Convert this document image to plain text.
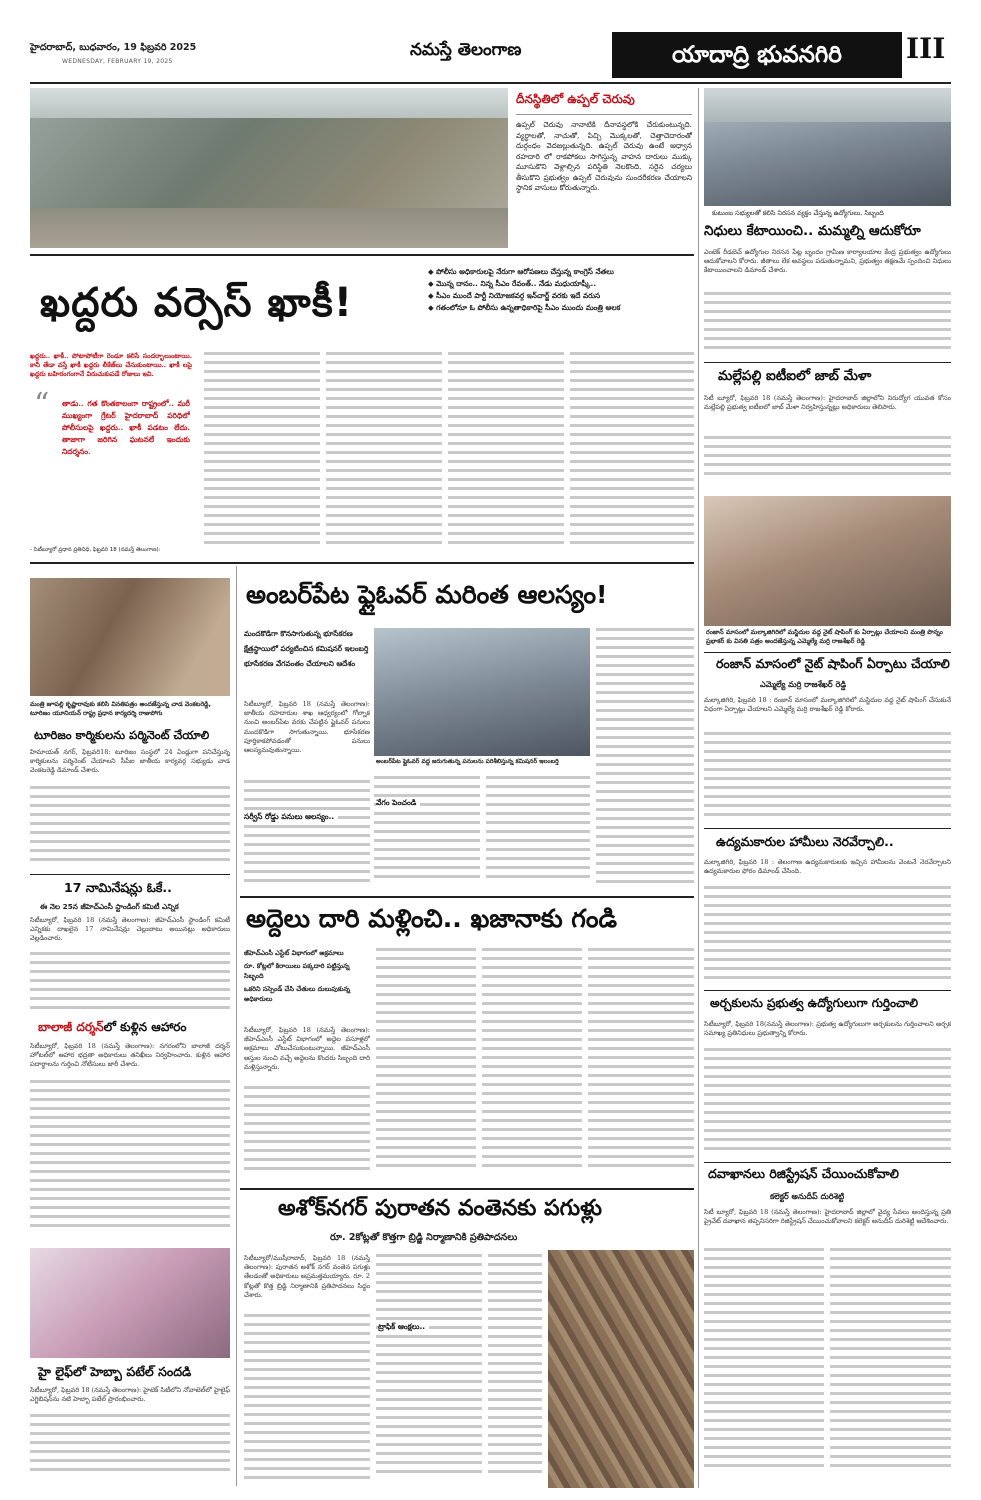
హైదరాబాద్, బుధవారం, 19 ఫిబ్రవరి 2025
WEDNESDAY, FEBRUARY 19, 2025
నమస్తే తెలంగాణ	యాదాద్రి భువనగిరి	III
దీనస్థితిలో ఉప్పల్ చెరువు
ఉప్పల్ చెరువు నానాటికి దీనావస్థలోకి చేరుకుంటున్నది. వ్యర్థాలతో, నాచుతో, పిచ్చి మొక్కలతో, చెత్తాచెదారంతో దుర్గంధం వెదజల్లుతున్నది. ఉప్పల్ చెరువు ఉంటే అధ్వాన రహదారి లో రాకపోకలు సాగిస్తున్న వాహన దారులు ముక్కు మూసుకొని వెళ్లాల్సిన పరిస్థితి నెలకొంది. సరైన చర్యలు తీసుకొని ప్రభుత్వం ఉప్పల్ చెరువును సుందరీకరణ చేయాలని స్థానిక వాసులు కోరుతున్నారు.
కుటుంబ సభ్యులతో కలిసి నిరసన వ్యక్తం చేస్తున్న ఉద్యోగులు, సిబ్బంది
నిధులు కేటాయించి.. మమ్మల్ని ఆదుకోరూ
ఎంటెక్ రీడబెచ్ ఉద్యోగుల నిరసన పేట్ల బృందం గ్రామీణ కార్యాలయాల కేంద్ర ప్రభుత్వం ఉద్యోగులు ఆదుకోవాలని కోరారు. జీతాలు లేక అవస్థలు పడుతున్నామని, ప్రభుత్వం తక్షణమే స్పందించి నిధులు కేటాయించాలని డిమాండ్ చేశారు.
ఖద్దరు వర్సెస్ ఖాకీ!
◆ పోలీసు అధికారులపై నేరుగా ఆరోపణలు చేస్తున్న కాంగ్రెస్ నేతలు
◆ మొన్న దానం.. నిన్న సీఎం రేవంత్.. నేడు మధుయాష్కీ..
◆ సీఎం ముందే పార్టీ నియోజకవర్గ ఇన్‌చార్జ్ వరకు ఇదే వరుస
◆ గతంలోనూ ఓ పోలీసు ఉన్నతాధికారిపై సీఎం ముందు మంత్రి అలక
ఖద్దరు.. ఖాకీ.. పోటాపోటీగా రెండూ కలిసే సందర్భాలుంటాయి. కానీ తేడా వస్తే ఖాకీ ఖద్దరు లీకేజ్‌లు చేసుకుంటాయి.. ఖాకీ లపై ఖద్దరు బహిరంగంగానే విరుచుకుపడే రోజులు ఇవి.
“ తాడు.. గత కొంతకాలంగా రాష్ట్రంలో.. మరీ ముఖ్యంగా గ్రేటర్ హైదరాబాద్ పరిధిలో పోలీసులపై ఖద్దరు.. ఖాకీ పడటం లేదు. తాజాగా జరిగిన ఘటనలే ఇందుకు నిదర్శనం.
- సిటీబ్యూరో ప్రధాన ప్రతినిధి, ఫిబ్రవరి 18 (నమస్తే తెలంగాణ):
మల్లేపల్లి ఐటీఐలో జాబ్ మేళా
సిటీ బ్యూరో, ఫిబ్రవరి 18 (నమస్తే తెలంగాణ): హైదరాబాద్ జిల్లాలోని నిరుద్యోగ యువత కోసం మల్లేపల్లి ప్రభుత్వ ఐటీఐలో జాబ్ మేళా నిర్వహిస్తున్నట్లు అధికారులు తెలిపారు.
రంజాన్ మాసంలో మల్కాజిగిరిలో మస్జిదుల వద్ద నైట్ షాపింగ్‌ కు ఏర్పాట్లు చేయాలని మంత్రి పొన్నం ప్రభాకర్‌ కు వినతి పత్రం అందజేస్తున్న ఎమ్మెల్యే మర్రి రాజశేఖర్ రెడ్డి
రంజాన్ మాసంలో నైట్ షాపింగ్ ఏర్పాటు చేయాలి
ఎమ్మెల్యే మర్రి రాజశేఖర్ రెడ్డి
మల్కాజిగిరి, ఫిబ్రవరి 18 : రంజాన్ మాసంలో మల్కాజిగిరిలో మస్జిదుల వద్ద నైట్ షాపింగ్ చేసుకునే విధంగా ఏర్పాట్లు చేయాలని ఎమ్మెల్యే మర్రి రాజశేఖర్ రెడ్డి కోరారు.
ఉద్యమకారుల హామీలు నెరవేర్చాలి..
మల్కాజిగిరి, ఫిబ్రవరి 18 : తెలంగాణ ఉద్యమకారులకు ఇచ్చిన హామీలను వెంటనే నెరవేర్చాలని ఉద్యమకారుల ఫోరం డిమాండ్ చేసింది.
అర్చకులను ప్రభుత్వ ఉద్యోగులుగా గుర్తించాలి
సిటీబ్యూరో, ఫిబ్రవరి 18(నమస్తే తెలంగాణ): ప్రభుత్వ ఉద్యోగులుగా అర్చకులను గుర్తించాలని అర్చక సమాఖ్య ప్రతినిధులు ప్రభుత్వాన్ని కోరారు.
దవాఖానలు రిజిస్ట్రేషన్ చేయించుకోవాలి
కలెక్టర్ అనుదీప్ దురిశెట్టి
సిటీ బ్యూరో, ఫిబ్రవరి 18 (నమస్తే తెలంగాణ): హైదరాబాద్ జిల్లాలో వైద్య సేవలు అందిస్తున్న ప్రతి ప్రైవేట్ దవాఖాన తప్పనిసరిగా రిజిస్ట్రేషన్ చేయించుకోవాలని కలెక్టర్ అనుదీప్ దురిశెట్టి ఆదేశించారు.
మంత్రి జూపల్లి కృష్ణారావుకు కలిసి వినతిపత్రం అందజేస్తున్న చాడ వెంకటరెడ్డి, టూరిజం యూనియన్ రాష్ట్ర ప్రధాన కార్యదర్శి రాజుపోగు
టూరిజం కార్మికులను పర్మినెంట్ చేయాలి
హిమాయత్ నగర్, ఫిబ్రవరి18: టూరిజం సంస్థలో 24 ఏండ్లుగా పనిచేస్తున్న కార్మికులను పర్మినెంట్ చేయాలని సీపీఐ జాతీయ కార్యవర్గ సభ్యుడు చాడ వెంకటరెడ్డి డిమాండ్ చేశారు.
17 నామినేషన్లు ఓకే..
ఈ నెల 25న జీహెచ్‌ఎంసీ స్టాండింగ్ కమిటీ ఎన్నిక
సిటీబ్యూరో, ఫిబ్రవరి 18 (నమస్తే తెలంగాణ): జీహెచ్‌ఎంసీ స్టాండింగ్ కమిటీ ఎన్నికకు దాఖలైన 17 నామినేషన్లు చెల్లుబాటు అయినట్లు అధికారులు వెల్లడించారు.
బాలాజీ దర్శన్‌లో కుళ్లిన ఆహారం
సిటీబ్యూరో, ఫిబ్రవరి 18 (నమస్తే తెలంగాణ): నగరంలోని బాలాజీ దర్శన్ హోటల్‌లో ఆహార భద్రతా అధికారులు తనిఖీలు నిర్వహించారు. కుళ్లిన ఆహార పదార్థాలను గుర్తించి నోటీసులు జారీ చేశారు.
హై లైఫ్‌లో హెబ్బా పటేల్ సందడి
సిటీబ్యూరో, ఫిబ్రవరి 18 (నమస్తే తెలంగాణ): హైటెక్ సిటీలోని నోవాటెల్‌లో హైలైఫ్ ఎగ్జిబిషన్‌ను నటి హెబ్బా పటేల్ ప్రారంభించారు.
అంబర్‌పేట ఫ్లైఓవర్ మరింత ఆలస్యం!
మందకొడిగా కొనసాగుతున్న భూసేకరణ
క్షేత్రస్థాయిలో పర్యటించిన కమిషనర్ ఇలంబర్తి
భూసేకరణ వేగవంతం చేయాలని ఆదేశం
అంబర్‌పేట ఫ్లైఓవర్ వద్ద జరుగుతున్న పనులను పరిశీలిస్తున్న కమిషనర్ ఇలంబర్తి
సిటీబ్యూరో, ఫిబ్రవరి 18 (నమస్తే తెలంగాణ): జాతీయ రహదారుల శాఖ ఆధ్వర్యంలో గోల్నాక నుంచి అంబర్‌పేట వరకు చేపట్టిన ఫ్లైఓవర్ పనులు మందకొడిగా సాగుతున్నాయి. భూసేకరణ పూర్తికాకపోవడంతో పనులు ఆలస్యమవుతున్నాయి.
సర్వీస్ రోడ్డు పనులు ఆలస్యం..
వేగం పెంచండి
అద్దెలు దారి మళ్లించి.. ఖజానాకు గండి
జీహెచ్‌ఎంసీ ఎస్టేట్ విభాగంలో అక్రమాలు
రూ. కోట్లలో కిరాయిలు పక్కదారి పట్టిస్తున్న సిబ్బంది
ఒకరిని సస్పెండ్ చేసి చేతులు దులుపుకున్న అధికారులు
సిటీబ్యూరో, ఫిబ్రవరి 18 (నమస్తే తెలంగాణ): జీహెచ్‌ఎంసీ ఎస్టేట్ విభాగంలో అద్దెల వసూళ్లలో అక్రమాలు చోటుచేసుకుంటున్నాయి. జీహెచ్‌ఎంసీ ఆస్తుల నుంచి వచ్చే అద్దెలను కొందరు సిబ్బంది దారి మళ్లిస్తున్నారు.
అశోక్‌నగర్ పురాతన వంతెనకు పగుళ్లు
రూ. 2కోట్లతో కొత్తగా బ్రిడ్జి నిర్మాణానికి ప్రతిపాదనలు
సిటీబ్యూరో/ముషీరాబాద్, ఫిబ్రవరి 18 (నమస్తే తెలంగాణ): పురాతన అశోక్ నగర్ వంతెన పగుళ్లు తేలడంతో అధికారులు అప్రమత్తమయ్యారు. రూ. 2 కోట్లతో కొత్త బ్రిడ్జి నిర్మాణానికి ప్రతిపాదనలు సిద్ధం చేశారు.
ట్రాఫిక్ ఆంక్షలు..
